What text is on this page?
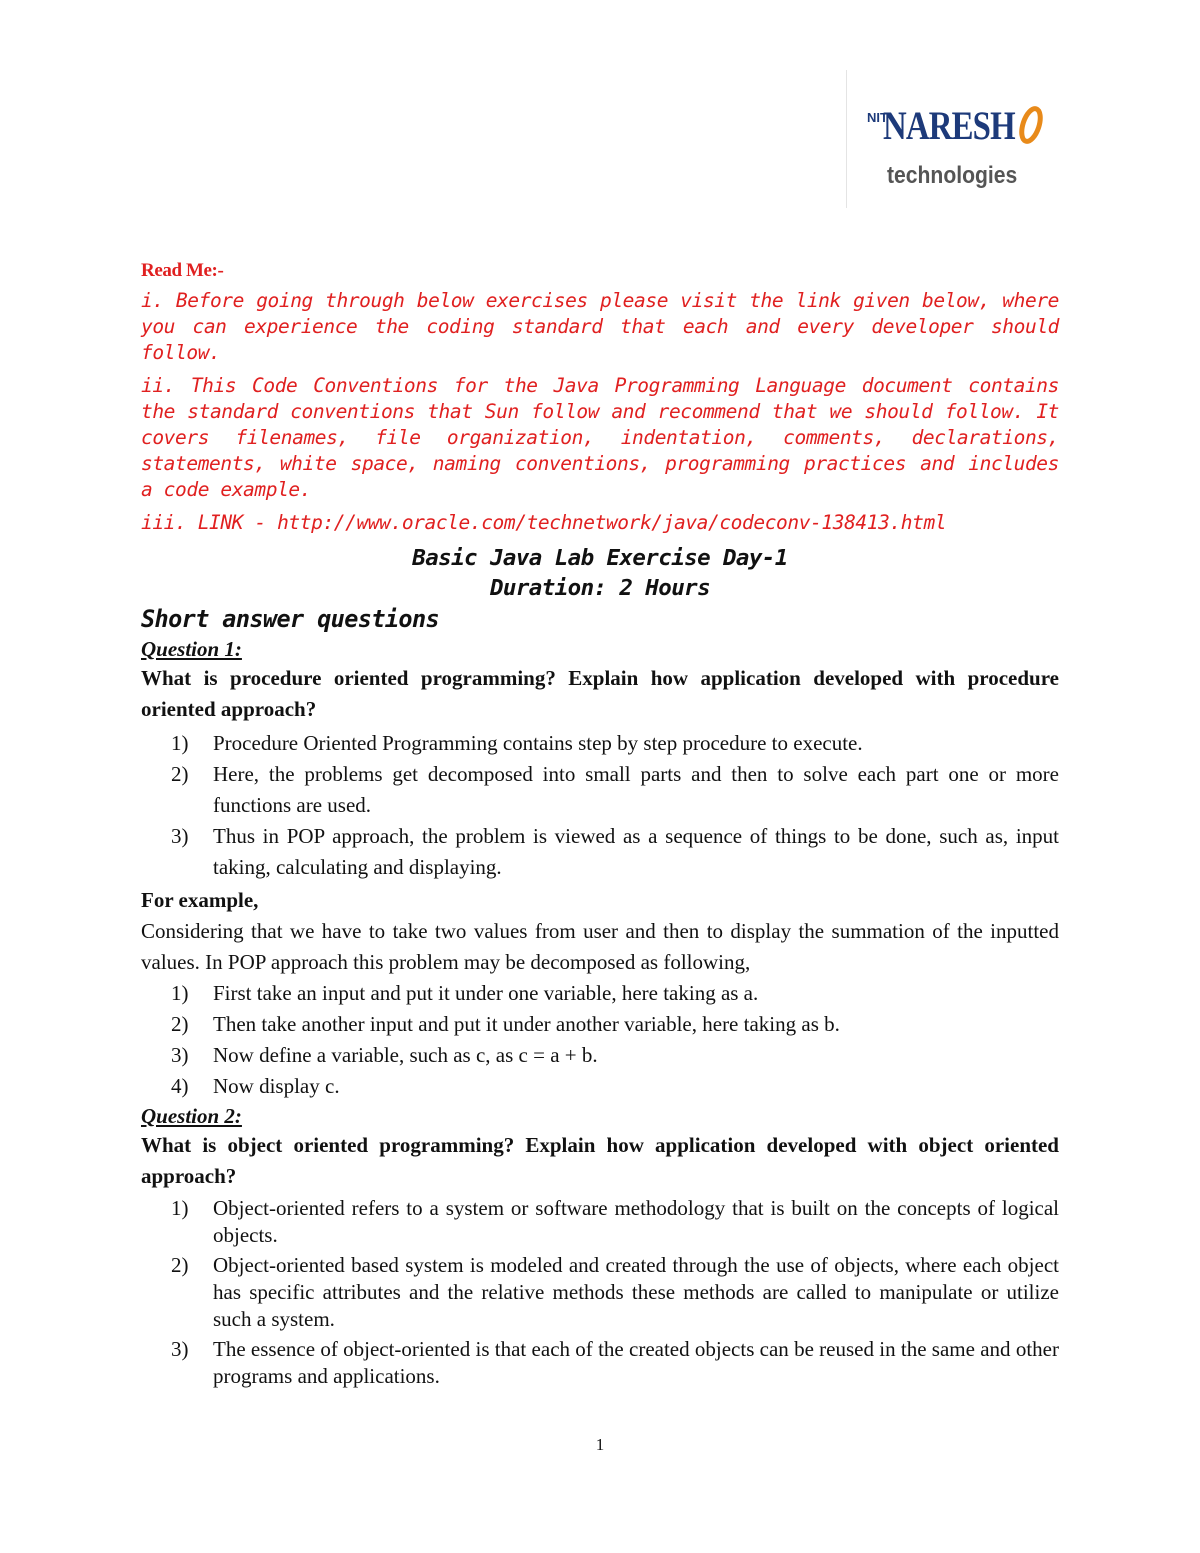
NIT
NARESH
technologies
Read Me:-

i. Before going through below exercises please visit the link given below, where you can experience the coding standard that each and every developer should follow.

ii. This Code Conventions for the Java Programming Language document contains the standard conventions that Sun follow and recommend that we should follow. It covers filenames, file organization, indentation, comments, declarations, statements, white space, naming conventions, programming practices and includes a code example.

iii. LINK - http://www.oracle.com/technetwork/java/codeconv-138413.html

Basic Java Lab Exercise Day-1
Duration: 2 Hours
Short answer questions
Question 1:

What is procedure oriented programming? Explain how application developed with procedure oriented approach?

1) Procedure Oriented Programming contains step by step procedure to execute.
2) Here, the problems get decomposed into small parts and then to solve each part one or more functions are used.
3) Thus in POP approach, the problem is viewed as a sequence of things to be done, such as, input taking, calculating and displaying.

For example,

Considering that we have to take two values from user and then to display the summation of the inputted values. In POP approach this problem may be decomposed as following,

1) First take an input and put it under one variable, here taking as a.
2) Then take another input and put it under another variable, here taking as b.
3) Now define a variable, such as c, as c = a + b.
4) Now display c.
Question 2:

What is object oriented programming? Explain how application developed with object oriented approach?

1) Object-oriented refers to a system or software methodology that is built on the concepts of logical objects.
2) Object-oriented based system is modeled and created through the use of objects, where each object has specific attributes and the relative methods these methods are called to manipulate or utilize such a system.
3) The essence of object-oriented is that each of the created objects can be reused in the same and other programs and applications.
1
